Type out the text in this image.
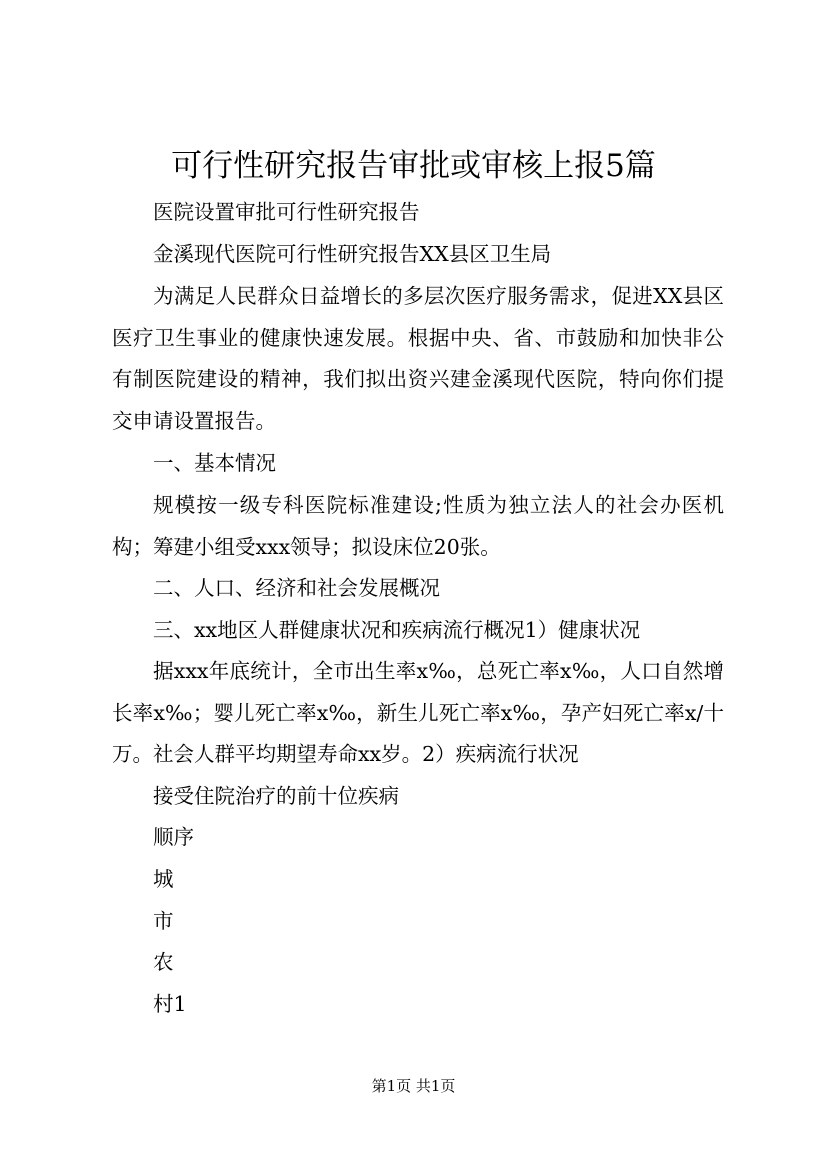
可行性研究报告审批或审核上报5篇
医院设置审批可行性研究报告
金溪现代医院可行性研究报告XX县区卫生局
为满足人民群众日益增长的多层次医疗服务需求，促进XX县区医疗卫生事业的健康快速发展。根据中央、省、市鼓励和加快非公有制医院建设的精神，我们拟出资兴建金溪现代医院，特向你们提交申请设置报告。
一、基本情况
规模按一级专科医院标准建设;性质为独立法人的社会办医机构；筹建小组受xxx领导；拟设床位20张。
二、人口、经济和社会发展概况
三、xx地区人群健康状况和疾病流行概况1）健康状况
据xxx年底统计，全市出生率x‰，总死亡率x‰，人口自然增长率x‰；婴儿死亡率x‰，新生儿死亡率x‰，孕产妇死亡率x/十万。社会人群平均期望寿命xx岁。2）疾病流行状况
接受住院治疗的前十位疾病
顺序
城
市
农
村1
第1页 共1页
